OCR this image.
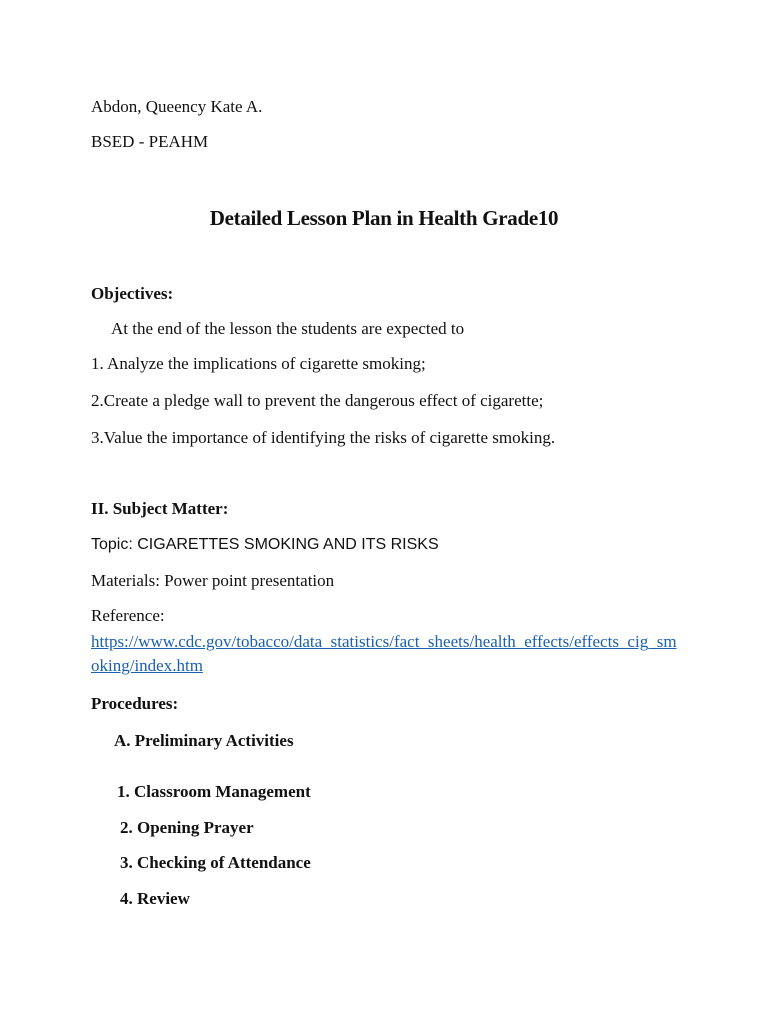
Abdon, Queency Kate A.
BSED - PEAHM
Detailed Lesson Plan in Health Grade10
Objectives:
At the end of the lesson the students are expected to
1. Analyze the implications of cigarette smoking;
2.Create a pledge wall to prevent the dangerous effect of cigarette;
3.Value the importance of identifying the risks of cigarette smoking.
II. Subject Matter:
Topic: CIGARETTES SMOKING AND ITS RISKS
Materials: Power point presentation
Reference:
https://www.cdc.gov/tobacco/data_statistics/fact_sheets/health_effects/effects_cig_smoking/index.htm
Procedures:
A. Preliminary Activities
1. Classroom Management
2. Opening Prayer
3. Checking of Attendance
4. Review
